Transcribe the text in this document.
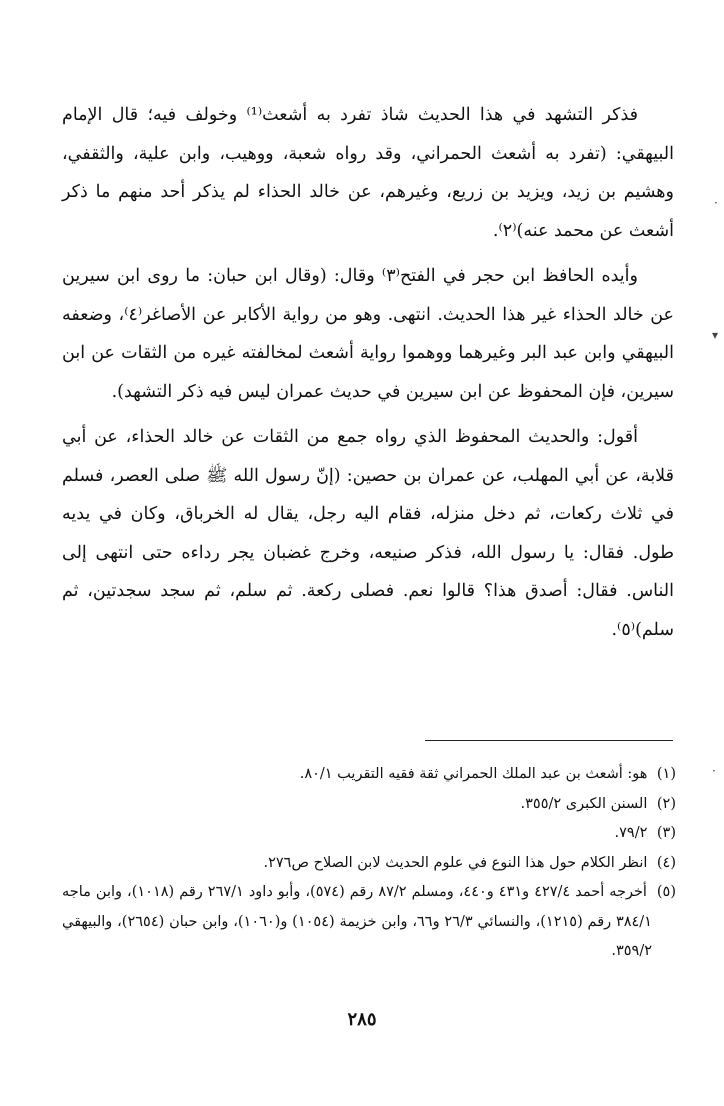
فذكر التشهد في هذا الحديث شاذ تفرد به أشعث⁽¹⁾ وخولف فيه؛ قال الإمام البيهقي: (تفرد به أشعث الحمراني، وقد رواه شعبة، ووهيب، وابن علية، والثقفي، وهشيم بن زيد، ويزيد بن زريع، وغيرهم، عن خالد الحذاء لم يذكر أحد منهم ما ذكر أشعث عن محمد عنه)⁽٢⁾.

وأيده الحافظ ابن حجر في الفتح⁽٣⁾ وقال: (وقال ابن حبان: ما روى ابن سيرين عن خالد الحذاء غير هذا الحديث. انتهى. وهو من رواية الأكابر عن الأصاغر⁽٤⁾، وضعفه البيهقي وابن عبد البر وغيرهما ووهموا رواية أشعث لمخالفته غيره من الثقات عن ابن سيرين، فإن المحفوظ عن ابن سيرين في حديث عمران ليس فيه ذكر التشهد).

أقول: والحديث المحفوظ الذي رواه جمع من الثقات عن خالد الحذاء، عن أبي قلابة، عن أبي المهلب، عن عمران بن حصين: (إنّ رسول الله ﷺ صلى العصر، فسلم في ثلاث ركعات، ثم دخل منزله، فقام اليه رجل، يقال له الخرباق، وكان في يديه طول. فقال: يا رسول الله، فذكر صنيعه، وخرج غضبان يجر رداءه حتى انتهى إلى الناس. فقال: أصدق هذا؟ قالوا نعم. فصلى ركعة. ثم سلم، ثم سجد سجدتين، ثم سلم)⁽٥⁾.

(١) هو: أشعث بن عبد الملك الحمراني ثقة فقيه التقريب ٨٠/١.

(٢) السنن الكبرى ٣٥٥/٢.

(٣) ٧٩/٢.

(٤) انظر الكلام حول هذا النوع في علوم الحديث لابن الصلاح ص٢٧٦.

(٥) أخرجه أحمد ٤٢٧/٤ و٤٣١ و٤٤٠، ومسلم ٨٧/٢ رقم (٥٧٤)، وأبو داود ٢٦٧/١ رقم (١٠١٨)، وابن ماجه ٣٨٤/١ رقم (١٢١٥)، والنسائي ٢٦/٣ و٦٦، وابن خزيمة (١٠٥٤) و(١٠٦٠)، وابن حبان (٢٦٥٤)، والبيهقي ٣٥٩/٢.

٢٨٥
·
▾
·
